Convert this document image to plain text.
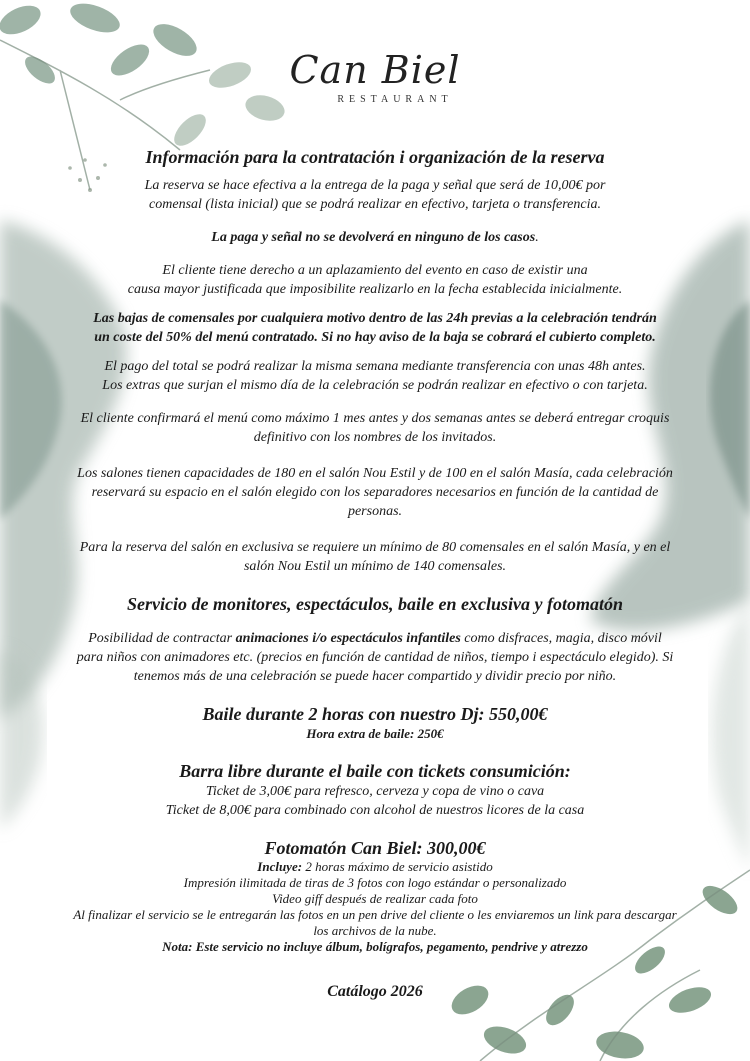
Can Biel
RESTAURANT
Información para la contratación i organización de la reserva

La reserva se hace efectiva a la entrega de la paga y señal que será de 10,00€ por
comensal (lista inicial) que se podrá realizar en efectivo, tarjeta o transferencia.

La paga y señal no se devolverá en ninguno de los casos.

El cliente tiene derecho a un aplazamiento del evento en caso de existir una
causa mayor justificada que imposibilite realizarlo en la fecha establecida inicialmente.

Las bajas de comensales por cualquiera motivo dentro de las 24h previas a la celebración tendrán
un coste del 50% del menú contratado. Si no hay aviso de la baja se cobrará el cubierto completo.

El pago del total se podrá realizar la misma semana mediante transferencia con unas 48h antes.
Los extras que surjan el mismo día de la celebración se podrán realizar en efectivo o con tarjeta.

El cliente confirmará el menú como máximo 1 mes antes y dos semanas antes se deberá entregar croquis
definitivo con los nombres de los invitados.

Los salones tienen capacidades de 180 en el salón Nou Estil y de 100 en el salón Masía, cada celebración
reservará su espacio en el salón elegido con los separadores necesarios en función de la cantidad de
personas.

Para la reserva del salón en exclusiva se requiere un mínimo de 80 comensales en el salón Masía, y en el
salón Nou Estil un mínimo de 140 comensales.

Servicio de monitores, espectáculos, baile en exclusiva y fotomatón

Posibilidad de contractar animaciones i/o espectáculos infantiles como disfraces, magia, disco móvil
para niños con animadores etc. (precios en función de cantidad de niños, tiempo i espectáculo elegido). Si
tenemos más de una celebración se puede hacer compartido y dividir precio por niño.

Baile durante 2 horas con nuestro Dj: 550,00€
Hora extra de baile: 250€
Barra libre durante el baile con tickets consumición:

Ticket de 3,00€ para refresco, cerveza y copa de vino o cava
Ticket de 8,00€ para combinado con alcohol de nuestros licores de la casa

Fotomatón Can Biel: 300,00€

Incluye: 2 horas máximo de servicio asistido
Impresión ilimitada de tiras de 3 fotos con logo estándar o personalizado
Video giff después de realizar cada foto
Al finalizar el servicio se le entregarán las fotos en un pen drive del cliente o les enviaremos un link para descargar
los archivos de la nube.
Nota: Este servicio no incluye álbum, bolígrafos, pegamento, pendrive y atrezzo

Catálogo 2026
